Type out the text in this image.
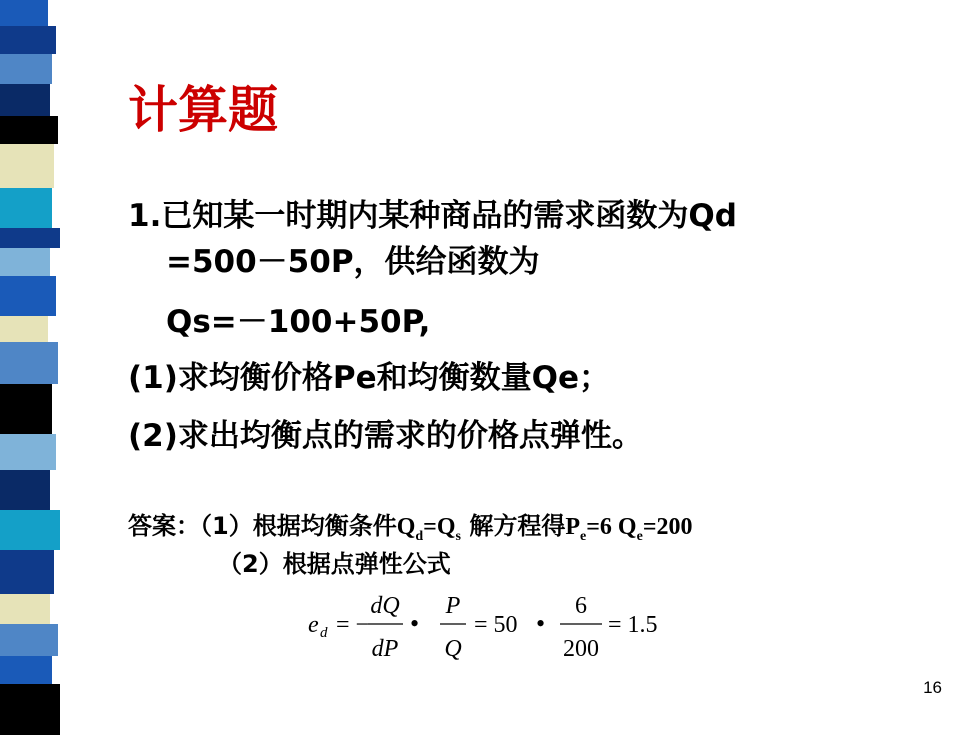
计算题
1.已知某一时期内某种商品的需求函数为Qd
=500－50P，供给函数为
Qs=－100+50P,
(1)求均衡价格Pe和均衡数量Qe；
(2)求出均衡点的需求的价格点弹性。
答案：（1）根据均衡条件$Q_d=Q_s$ 解方程得$P_e=6$ $Q_e=200$
（2）根据点弹性公式
e d = −
dQ
dP
•
P
Q
= 50 •
6
200
= 1.5
16
